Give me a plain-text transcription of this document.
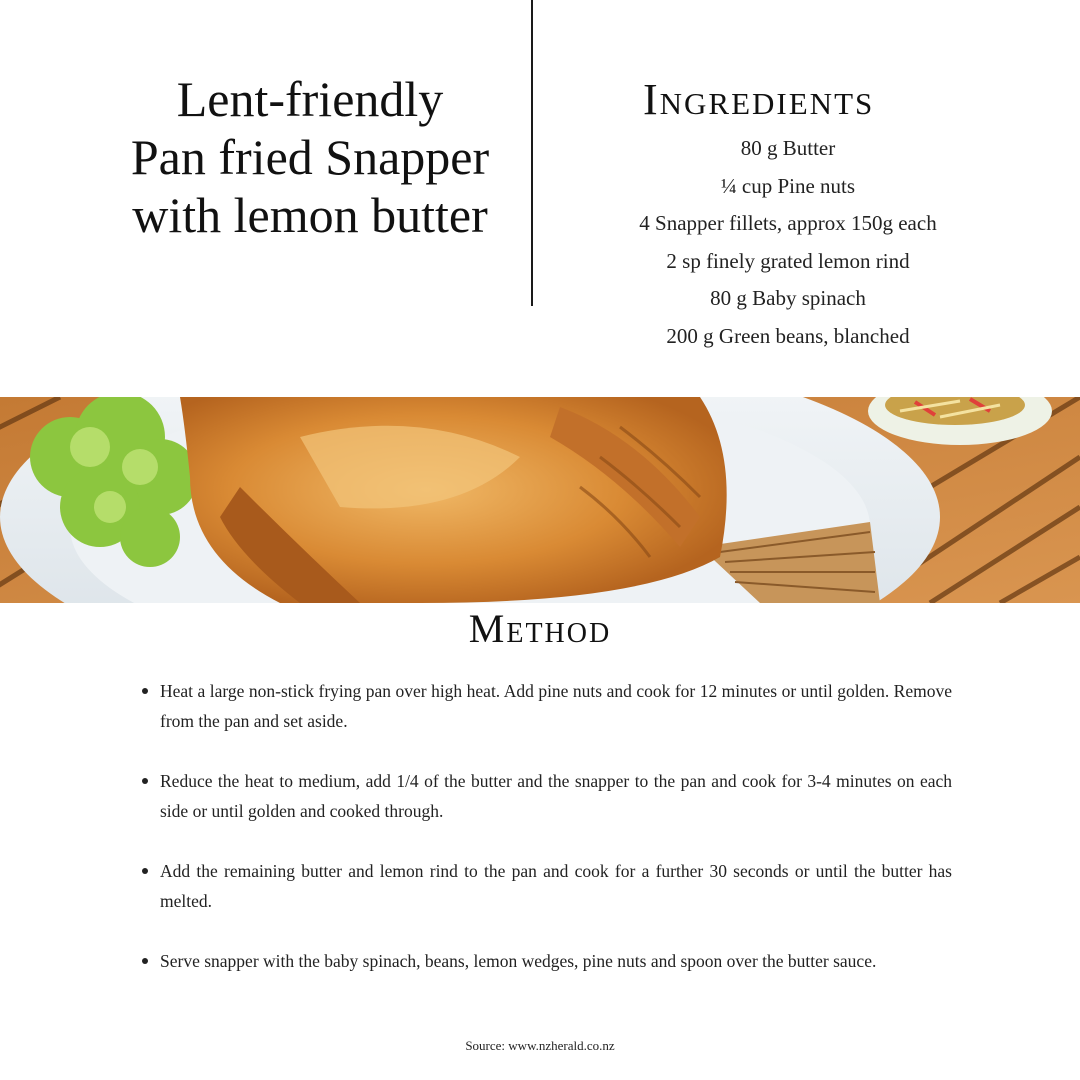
Lent-friendly
Pan fried Snapper
with lemon butter
Ingredients
80 g Butter
¼ cup Pine nuts
4 Snapper fillets, approx 150g each
2 sp finely grated lemon rind
80 g Baby spinach
200 g Green beans, blanched
Method
Heat a large non-stick frying pan over high heat. Add pine nuts and cook for 12 minutes or until golden. Remove from the pan and set aside.
Reduce the heat to medium, add 1/4 of the butter and the snapper to the pan and cook for 3-4 minutes on each side or until golden and cooked through.
Add the remaining butter and lemon rind to the pan and cook for a further 30 seconds or until the butter has melted.
Serve snapper with the baby spinach, beans, lemon wedges, pine nuts and spoon over the butter sauce.
Source: www.nzherald.co.nz
